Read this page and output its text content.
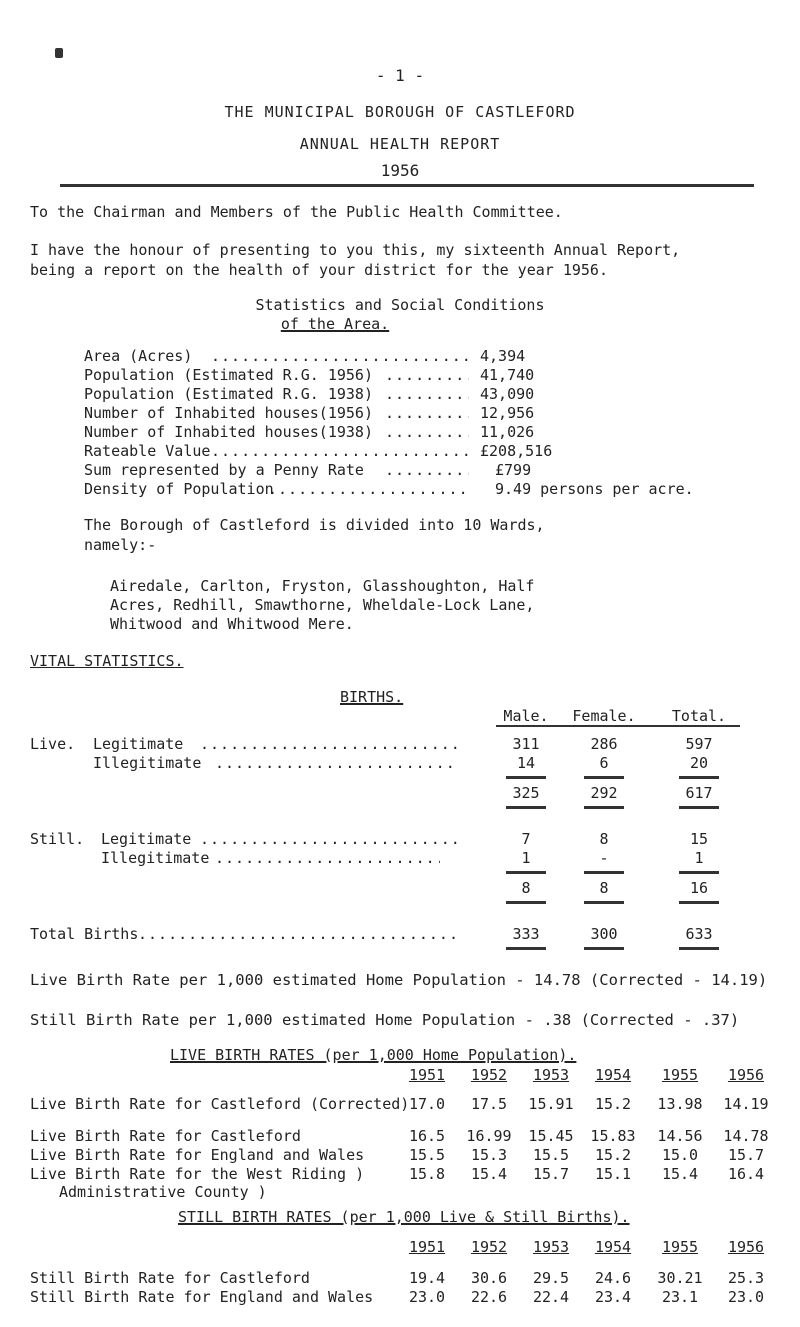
- 1 -
THE MUNICIPAL BOROUGH OF CASTLEFORD
ANNUAL HEALTH REPORT
1956
To the Chairman and Members of the Public Health Committee.
I have the honour of presenting to you this, my sixteenth Annual Report,
being a report on the health of your district for the year 1956.
Statistics and Social Conditions
of the Area.
Area (Acres) .....	4,394
Population (Estimated R.G. 1956) .....	41,740
Population (Estimated R.G. 1938) .....	43,090
Number of Inhabited houses(1956) .....	12,956
Number of Inhabited houses(1938) .....	11,026
Rateable Value .....	£208,516
Sum represented by a Penny Rate .....	£799
Density of Population .....	9.49 persons per acre.
The Borough of Castleford is divided into 10 Wards,
namely:-
Airedale, Carlton, Fryston, Glasshoughton, Half
Acres, Redhill, Smawthorne, Wheldale-Lock Lane,
Whitwood and Whitwood Mere.
VITAL STATISTICS.
BIRTHS.
Male.	Female.	Total.
Live. Legitimate .....	311	286	597
Illegitimate .....	14	6	20
325	292	617
Still. Legitimate .....	7	8	15
Illegitimate .....	1	-	1
8	8	16
Total Births .....	333	300	633
Live Birth Rate per 1,000 estimated Home Population - 14.78 (Corrected - 14.19)
Still Birth Rate per 1,000 estimated Home Population - .38 (Corrected - .37)
LIVE BIRTH RATES (per 1,000 Home Population).
1951	1952	1953	1954	1955	1956
Live Birth Rate for Castleford (Corrected) 17.0	17.5	15.91	15.2	13.98	14.19
Live Birth Rate for Castleford	16.5	16.99	15.45	15.83	14.56	14.78
Live Birth Rate for England and Wales	15.5	15.3	15.5	15.2	15.0	15.7
Live Birth Rate for the West Riding )
Administrative County )
15.8	15.4	15.7	15.1	15.4	16.4
STILL BIRTH RATES (per 1,000 Live & Still Births).
1951	1952	1953	1954	1955	1956
Still Birth Rate for Castleford	19.4	30.6	29.5	24.6	30.21	25.3
Still Birth Rate for England and Wales	23.0	22.6	22.4	23.4	23.1	23.0
